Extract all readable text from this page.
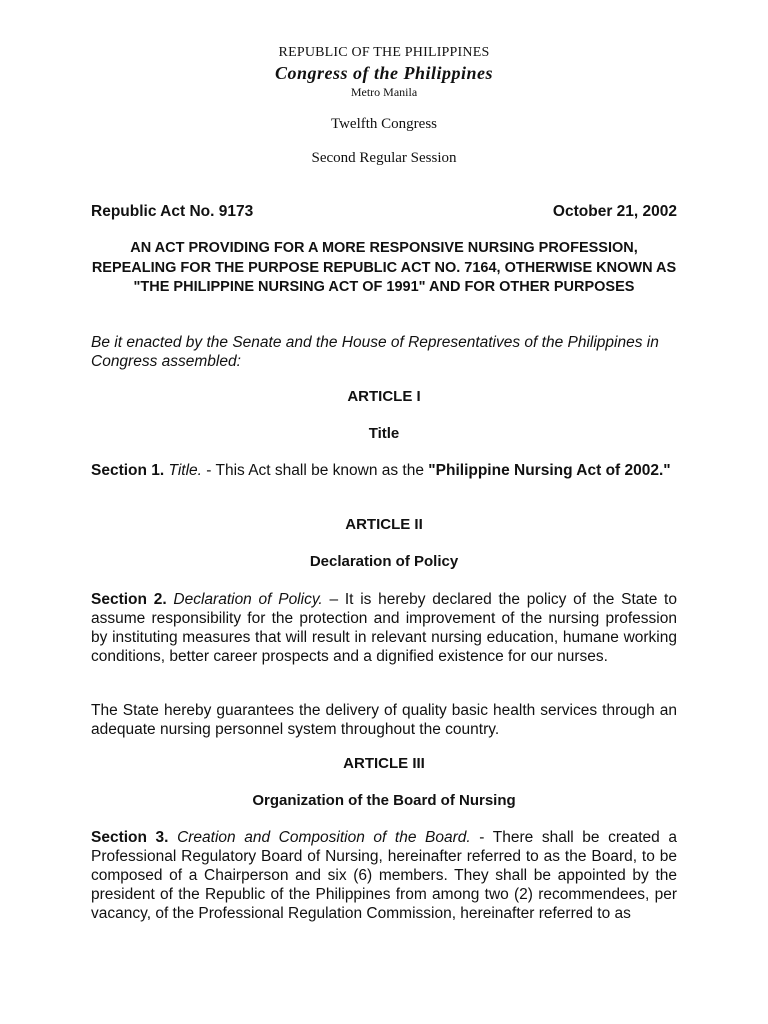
REPUBLIC OF THE PHILIPPINES
Congress of the Philippines
Metro Manila
Twelfth Congress
Second Regular Session
Republic Act No. 9173	October 21, 2002
AN ACT PROVIDING FOR A MORE RESPONSIVE NURSING PROFESSION, REPEALING FOR THE PURPOSE REPUBLIC ACT NO. 7164, OTHERWISE KNOWN AS "THE PHILIPPINE NURSING ACT OF 1991" AND FOR OTHER PURPOSES
Be it enacted by the Senate and the House of Representatives of the Philippines in Congress assembled:
ARTICLE I
Title
Section 1. Title. - This Act shall be known as the "Philippine Nursing Act of 2002."
ARTICLE II
Declaration of Policy
Section 2. Declaration of Policy. – It is hereby declared the policy of the State to assume responsibility for the protection and improvement of the nursing profession by instituting measures that will result in relevant nursing education, humane working conditions, better career prospects and a dignified existence for our nurses.
The State hereby guarantees the delivery of quality basic health services through an adequate nursing personnel system throughout the country.
ARTICLE III
Organization of the Board of Nursing
Section 3. Creation and Composition of the Board. - There shall be created a Professional Regulatory Board of Nursing, hereinafter referred to as the Board, to be composed of a Chairperson and six (6) members. They shall be appointed by the president of the Republic of the Philippines from among two (2) recommendees, per vacancy, of the Professional Regulation Commission, hereinafter referred to as
